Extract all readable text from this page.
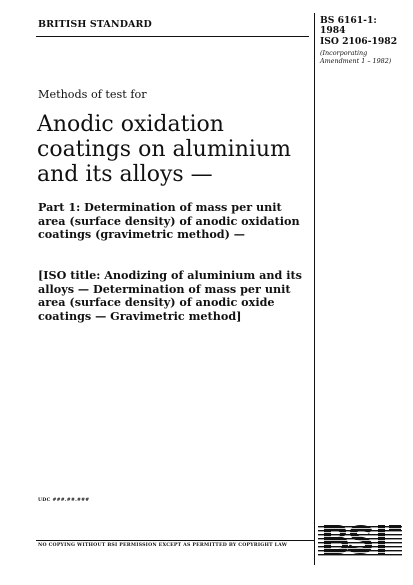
BRITISH STANDARD	BS 6161-1:
1984
ISO 2106-1982
(Incorporating Amendment 1 – 1982)
Methods of test for
Anodic oxidation coatings on aluminium and its alloys —
Part 1: Determination of mass per unit area (surface density) of anodic oxidation coatings (gravimetric method) —
[ISO title: Anodizing of aluminium and its alloys — Determination of mass per unit area (surface density) of anodic oxide coatings — Gravimetric method]
UDC ###.##.###
NO COPYING WITHOUT BSI PERMISSION EXCEPT AS PERMITTED BY COPYRIGHT LAW
